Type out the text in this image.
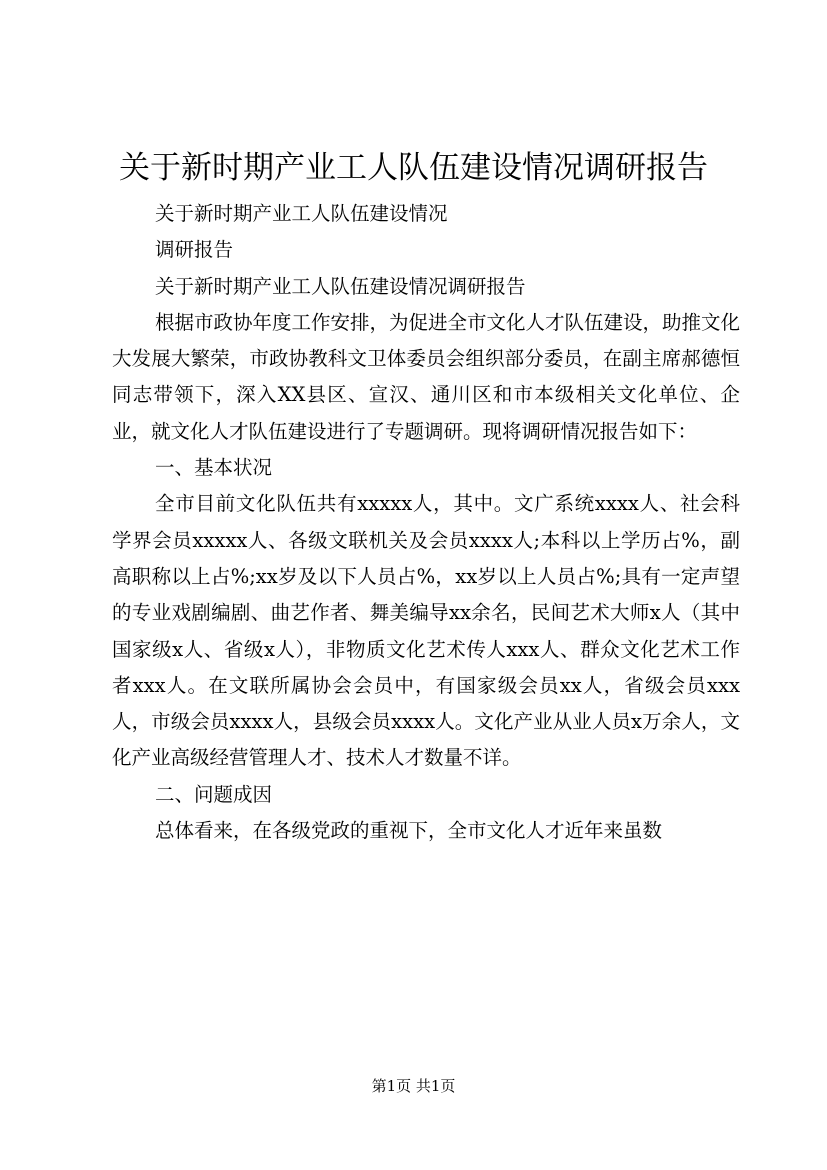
关于新时期产业工人队伍建设情况调研报告

关于新时期产业工人队伍建设情况

调研报告

关于新时期产业工人队伍建设情况调研报告

根据市政协年度工作安排，为促进全市文化人才队伍建设，助推文化大发展大繁荣，市政协教科文卫体委员会组织部分委员，在副主席郝德恒同志带领下，深入XX县区、宣汉、通川区和市本级相关文化单位、企业，就文化人才队伍建设进行了专题调研。现将调研情况报告如下：

一、基本状况

全市目前文化队伍共有xxxxx人，其中。文广系统xxxx人、社会科学界会员xxxxx人、各级文联机关及会员xxxx人;本科以上学历占%，副高职称以上占%;xx岁及以下人员占%，xx岁以上人员占%;具有一定声望的专业戏剧编剧、曲艺作者、舞美编导xx余名，民间艺术大师x人（其中国家级x人、省级x人），非物质文化艺术传人xxx人、群众文化艺术工作者xxx人。在文联所属协会会员中，有国家级会员xx人，省级会员xxx人，市级会员xxxx人，县级会员xxxx人。文化产业从业人员x万余人，文化产业高级经营管理人才、技术人才数量不详。

二、问题成因

总体看来，在各级党政的重视下，全市文化人才近年来虽数

第1页 共1页
